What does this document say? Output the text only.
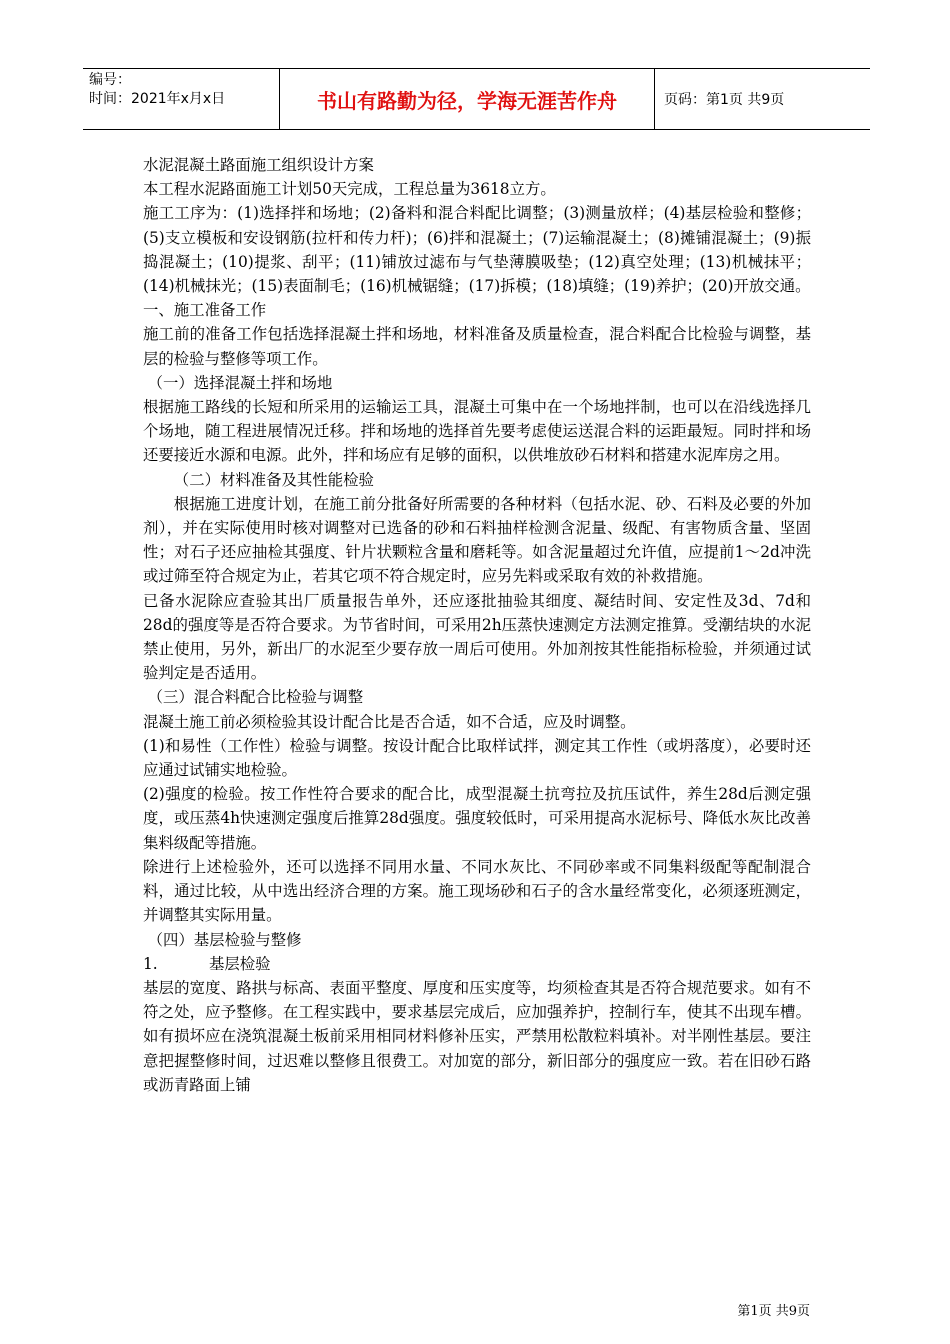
编号：
时间：2021年x月x日	书山有路勤为径，学海无涯苦作舟	页码：第1页 共9页

水泥混凝土路面施工组织设计方案

本工程水泥路面施工计划50天完成，工程总量为3618立方。

施工工序为：(1)选择拌和场地；(2)备料和混合料配比调整；(3)测量放样；(4)基层检验和整修；(5)支立模板和安设钢筋(拉杆和传力杆)；(6)拌和混凝土；(7)运输混凝土；(8)摊铺混凝土；(9)振捣混凝土；(10)提浆、刮平；(11)铺放过滤布与气垫薄膜吸垫；(12)真空处理；(13)机械抹平；(14)机械抹光；(15)表面制毛；(16)机械锯缝；(17)拆模；(18)填缝；(19)养护；(20)开放交通。

一、施工准备工作

施工前的准备工作包括选择混凝土拌和场地，材料准备及质量检查，混合料配合比检验与调整，基层的检验与整修等项工作。

（一）选择混凝土拌和场地

根据施工路线的长短和所采用的运输运工具，混凝土可集中在一个场地拌制，也可以在沿线选择几个场地，随工程进展情况迁移。拌和场地的选择首先要考虑使运送混合料的运距最短。同时拌和场还要接近水源和电源。此外，拌和场应有足够的面积，以供堆放砂石材料和搭建水泥库房之用。

（二）材料准备及其性能检验

根据施工进度计划，在施工前分批备好所需要的各种材料（包括水泥、砂、石料及必要的外加剂），并在实际使用时核对调整对已选备的砂和石料抽样检测含泥量、级配、有害物质含量、坚固性；对石子还应抽检其强度、针片状颗粒含量和磨耗等。如含泥量超过允许值，应提前1～2d冲洗或过筛至符合规定为止，若其它项不符合规定时，应另先料或采取有效的补救措施。

已备水泥除应查验其出厂质量报告单外，还应逐批抽验其细度、凝结时间、安定性及3d、7d和28d的强度等是否符合要求。为节省时间，可采用2h压蒸快速测定方法测定推算。受潮结块的水泥禁止使用，另外，新出厂的水泥至少要存放一周后可使用。外加剂按其性能指标检验，并须通过试验判定是否适用。

（三）混合料配合比检验与调整

混凝土施工前必须检验其设计配合比是否合适，如不合适，应及时调整。

(1)和易性（工作性）检验与调整。按设计配合比取样试拌，测定其工作性（或坍落度），必要时还应通过试铺实地检验。

(2)强度的检验。按工作性符合要求的配合比，成型混凝土抗弯拉及抗压试件，养生28d后测定强度，或压蒸4h快速测定强度后推算28d强度。强度较低时，可采用提高水泥标号、降低水灰比改善集料级配等措施。

除进行上述检验外，还可以选择不同用水量、不同水灰比、不同砂率或不同集料级配等配制混合料，通过比较，从中选出经济合理的方案。施工现场砂和石子的含水量经常变化，必须逐班测定，并调整其实际用量。

（四）基层检验与整修

1.	基层检验

基层的宽度、路拱与标高、表面平整度、厚度和压实度等，均须检查其是否符合规范要求。如有不符之处，应予整修。在工程实践中，要求基层完成后，应加强养护，控制行车，使其不出现车槽。如有损坏应在浇筑混凝土板前采用相同材料修补压实，严禁用松散粒料填补。对半刚性基层。要注意把握整修时间，过迟难以整修且很费工。对加宽的部分，新旧部分的强度应一致。若在旧砂石路或沥青路面上铺

第1页 共9页
